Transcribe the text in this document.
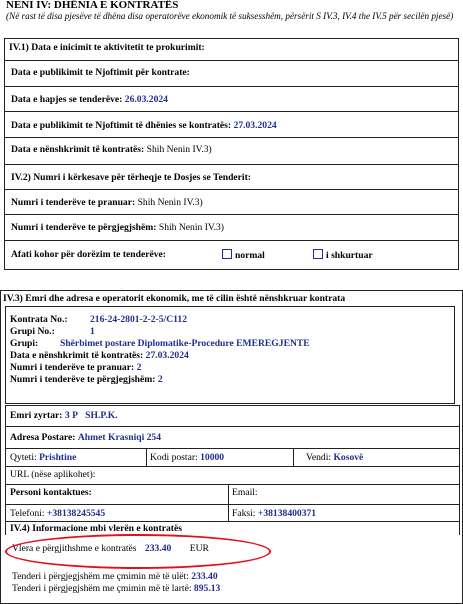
NENI IV: DHËNIA E KONTRATËS
(Në rast të disa pjesëve të dhëna disa operatorëve ekonomik të suksesshëm, përsërit S IV.3, IV.4 the IV.5 për secilën pjesë)
IV.1) Data e inicimit te aktivitetit te prokurimit:
Data e publikimit te Njoftimit për kontrate:
Data e hapjes se tenderëve: 26.03.2024
Data e publikimit te Njoftimit të dhënies se kontratës: 27.03.2024
Data e nënshkrimit të kontratës: Shih Nenin IV.3)
IV.2) Numri i kërkesave për tërheqje te Dosjes se Tenderit:
Numri i tenderëve te pranuar: Shih Nenin IV.3)
Numri i tenderëve te përgjegjshëm: Shih Nenin IV.3)
Afati kohor për dorëzim te tenderëve:	normal	i shkurtuar
IV.3) Emri dhe adresa e operatorit ekonomik, me të cilin është nënshkruar kontrata
Kontrata No.: 216-24-2801-2-2-5/C112
Grupi No.:	1
Grupi: Shërbimet postare Diplomatike-Procedure EMEREGJENTE
Data e nënshkrimit të kontratës: 27.03.2024
Numri i tenderëve te pranuar: 2
Numri i tenderëve te përgjegjshëm: 2
Emri zyrtar: 3 P SH.P.K.
Adresa Postare: Ahmet Krasniqi 254
Qyteti: Prishtine	Kodi postar: 10000	Vendi: Kosovë
URL (nëse aplikohet):
Personi kontaktues:	Email:
Telefoni: +38138245545	Faksi: +38138400371
IV.4) Informacione mbi vlerën e kontratës
Vlera e përgjithshme e kontratës 233.40 EUR
Tenderi i përgjegjshëm me çmimin më të ulët: 233.40
Tenderi i përgjegjshëm me çmimin më të lartë: 895.13
